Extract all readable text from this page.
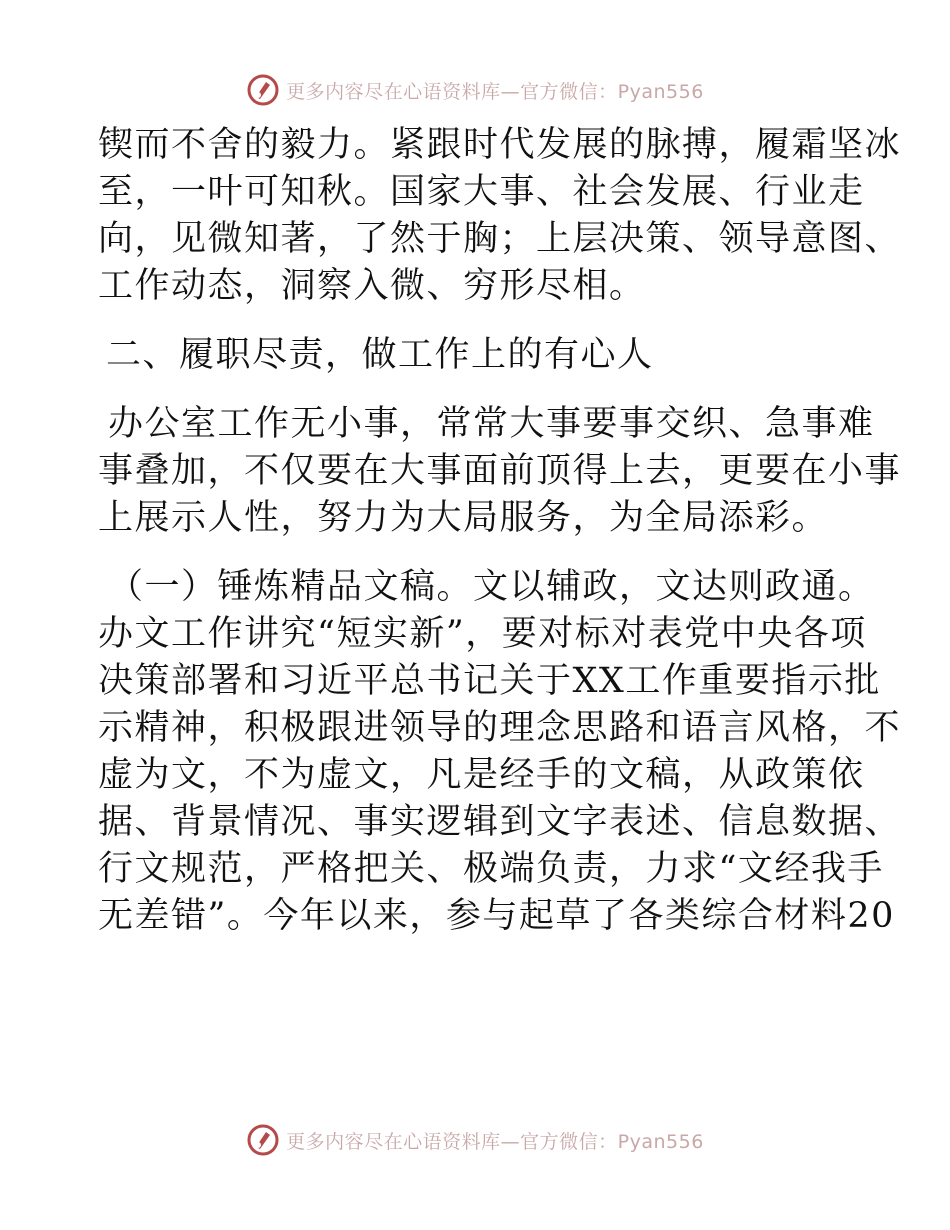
更多内容尽在心语资料库—官方微信：Pyan556

锲而不舍的毅力。紧跟时代发展的脉搏，履霜坚冰
至，一叶可知秋。国家大事、社会发展、行业走
向，见微知著，了然于胸；上层决策、领导意图、
工作动态，洞察入微、穷形尽相。

二、履职尽责，做工作上的有心人

办公室工作无小事，常常大事要事交织、急事难
事叠加，不仅要在大事面前顶得上去，更要在小事
上展示人性，努力为大局服务，为全局添彩。

（一）锤炼精品文稿。文以辅政，文达则政通。
办文工作讲究“短实新”，要对标对表党中央各项
决策部署和习近平总书记关于XX工作重要指示批
示精神，积极跟进领导的理念思路和语言风格，不
虚为文，不为虚文，凡是经手的文稿，从政策依
据、背景情况、事实逻辑到文字表述、信息数据、
行文规范，严格把关、极端负责，力求“文经我手
无差错”。今年以来，参与起草了各类综合材料20

更多内容尽在心语资料库—官方微信：Pyan556
